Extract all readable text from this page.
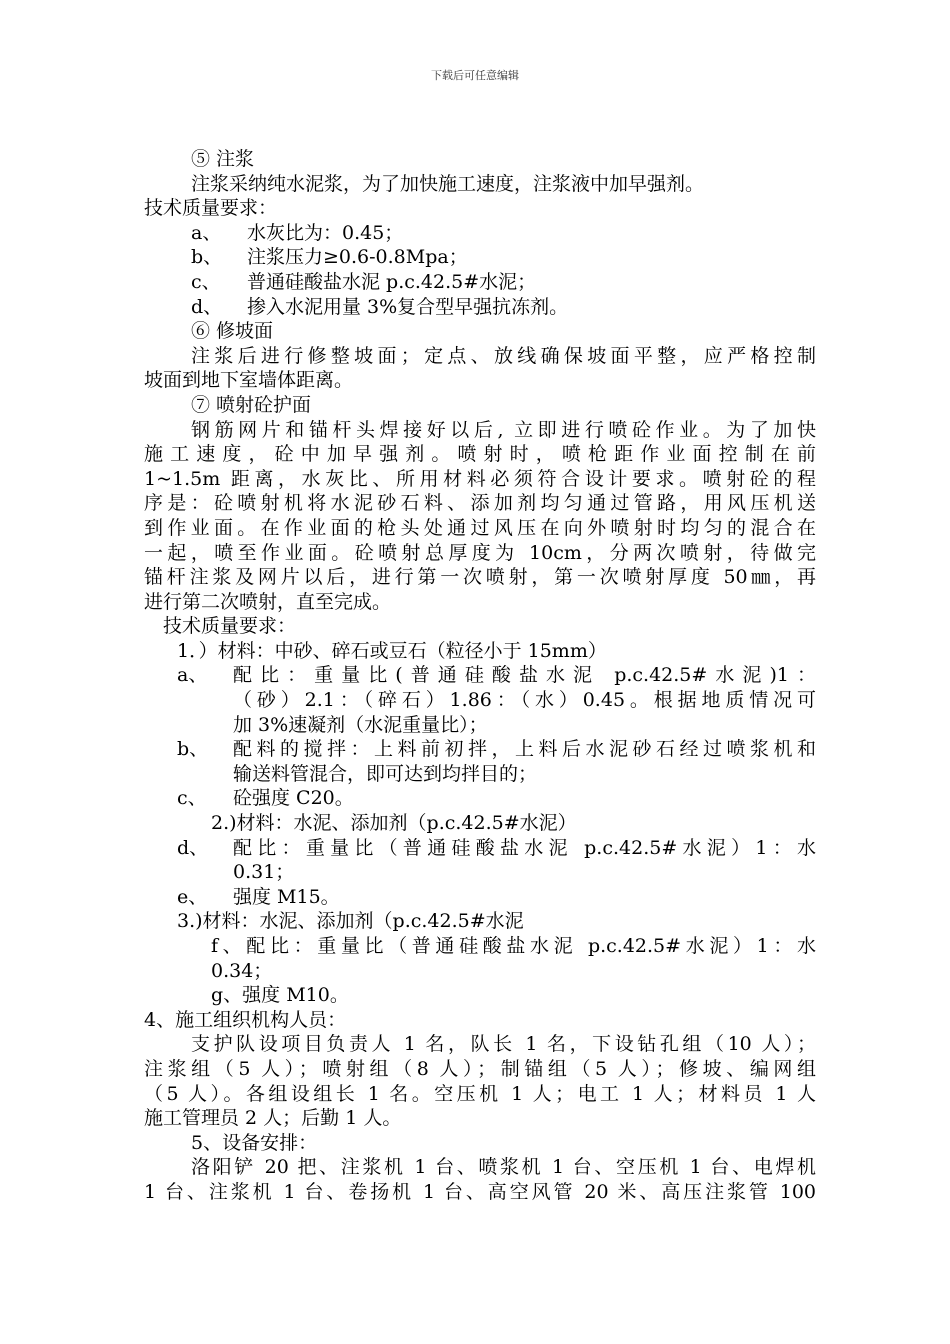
下载后可任意编辑
⑤ 注浆
注浆采纳纯水泥浆，为了加快施工速度，注浆液中加早强剂。
技术质量要求：
a、	水灰比为：0.45；
b、	注浆压力≥0.6-0.8Mpa；
c、	普通硅酸盐水泥 p.c.42.5#水泥；
d、	掺入水泥用量 3%复合型早强抗冻剂。
⑥ 修坡面
注浆后进行修整坡面；定点、放线确保坡面平整，应严格控制
坡面到地下室墙体距离。
⑦ 喷射砼护面
钢筋网片和锚杆头焊接好以后, 立即进行喷砼作业。为了加快
施工速度，砼中加早强剂。喷射时，喷枪距作业面控制在前
1~1.5m 距离，水灰比、所用材料必须符合设计要求。喷射砼的程
序是：砼喷射机将水泥砂石料、添加剂均匀通过管路，用风压机送
到作业面。在作业面的枪头处通过风压在向外喷射时均匀的混合在
一起，喷至作业面。砼喷射总厚度为 10cm，分两次喷射，待做完
锚杆注浆及网片以后，进行第一次喷射，第一次喷射厚度 50㎜，再
进行第二次喷射，直至完成。
技术质量要求：
1．）材料：中砂、碎石或豆石（粒径小于 15mm）
a、	配比：重量比(普通硅酸盐水泥 p.c.42.5#水泥)1：
（砂）2.1：（碎石）1.86：（水）0.45。根据地质情况可
加 3%速凝剂（水泥重量比）；
b、	配料的搅拌：上料前初拌，上料后水泥砂石经过喷浆机和
输送料管混合，即可达到均拌目的；
c、	砼强度 C20。
2.)材料：水泥、添加剂（p.c.42.5#水泥）
d、	配比：重量比（普通硅酸盐水泥 p.c.42.5#水泥）1：水
0.31；
e、	强度 M15。
3.)材料：水泥、添加剂（p.c.42.5#水泥
f、配比：重量比（普通硅酸盐水泥 p.c.42.5#水泥）1：水
0.34；
g、强度 M10。
4、施工组织机构人员：
支护队设项目负责人 1 名，队长 1 名，下设钻孔组（10 人）；
注浆组（5 人）；喷射组（8 人）；制锚组（5 人）；修坡、编网组
（5 人）。各组设组长 1 名。空压机 1 人；电工 1 人；材料员 1 人
施工管理员 2 人；后勤 1 人。
5、设备安排：
洛阳铲 20 把、注浆机 1 台、喷浆机 1 台、空压机 1 台、电焊机
1 台、注浆机 1 台、卷扬机 1 台、高空风管 20 米、高压注浆管 100
